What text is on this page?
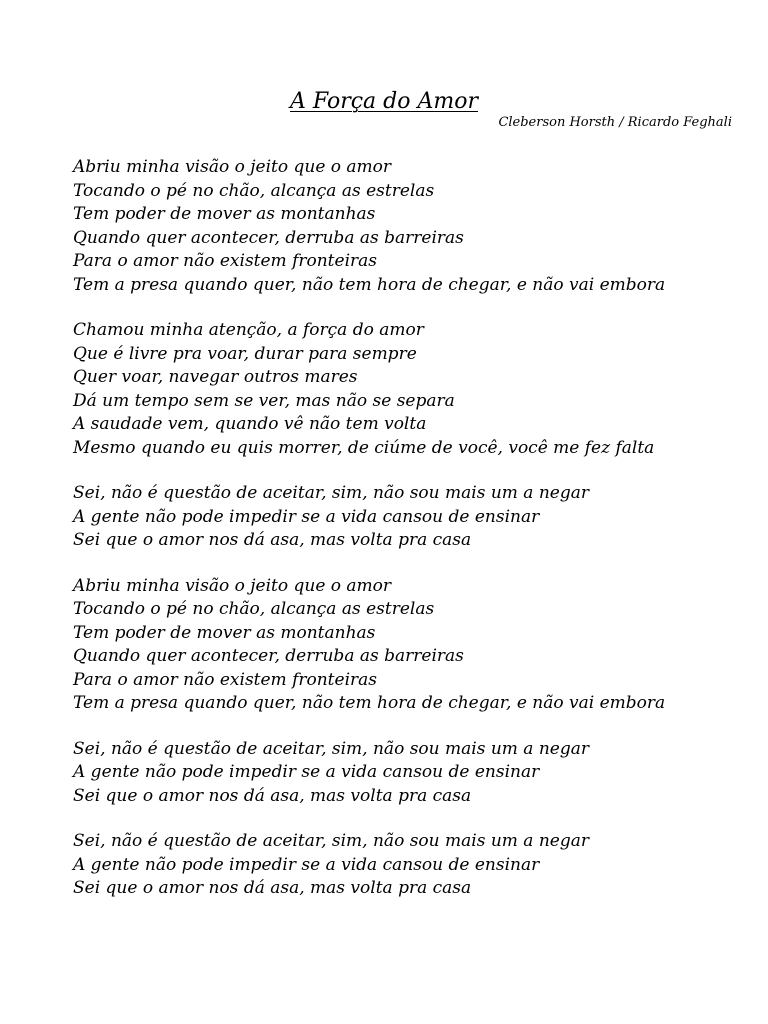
A Força do Amor
Cleberson Horsth / Ricardo Feghali
Abriu minha visão o jeito que o amor
Tocando o pé no chão, alcança as estrelas
Tem poder de mover as montanhas
Quando quer acontecer, derruba as barreiras
Para o amor não existem fronteiras
Tem a presa quando quer, não tem hora de chegar, e não vai embora
Chamou minha atenção, a força do amor
Que é livre pra voar, durar para sempre
Quer voar, navegar outros mares
Dá um tempo sem se ver, mas não se separa
A saudade vem, quando vê não tem volta
Mesmo quando eu quis morrer, de ciúme de você, você me fez falta
Sei, não é questão de aceitar, sim, não sou mais um a negar
A gente não pode impedir se a vida cansou de ensinar
Sei que o amor nos dá asa, mas volta pra casa
Abriu minha visão o jeito que o amor
Tocando o pé no chão, alcança as estrelas
Tem poder de mover as montanhas
Quando quer acontecer, derruba as barreiras
Para o amor não existem fronteiras
Tem a presa quando quer, não tem hora de chegar, e não vai embora
Sei, não é questão de aceitar, sim, não sou mais um a negar
A gente não pode impedir se a vida cansou de ensinar
Sei que o amor nos dá asa, mas volta pra casa
Sei, não é questão de aceitar, sim, não sou mais um a negar
A gente não pode impedir se a vida cansou de ensinar
Sei que o amor nos dá asa, mas volta pra casa
